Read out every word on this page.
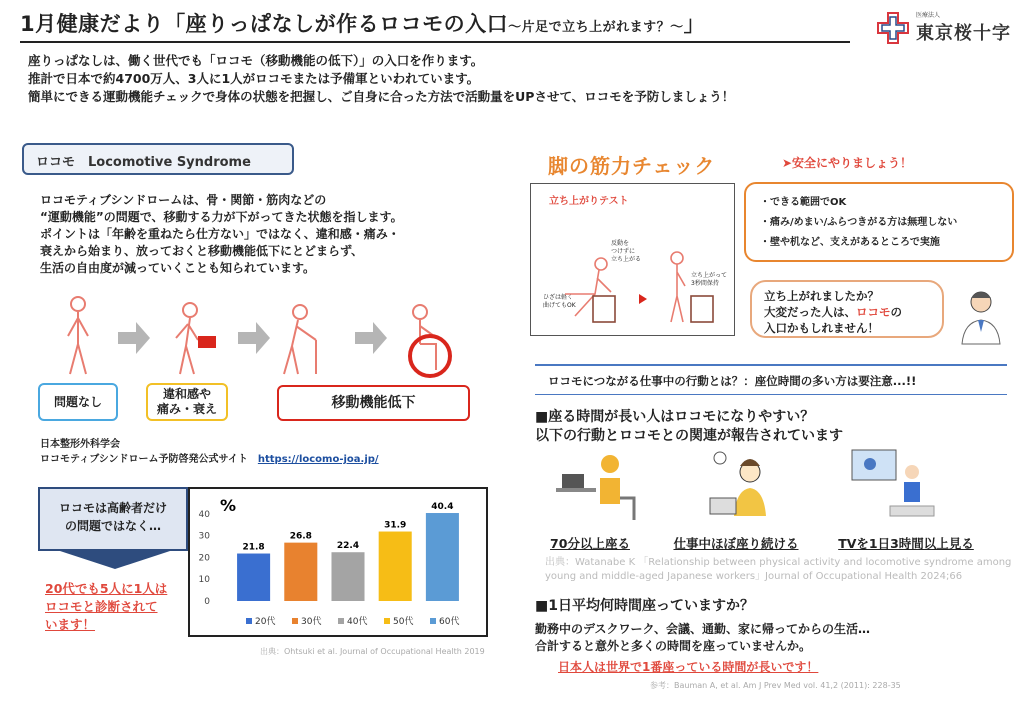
1月健康だより「座りっぱなしが作るロコモの入口～片足で立ち上がれます？～」	医療法人
東京桜十字
座りっぱなしは、働く世代でも「ロコモ（移動機能の低下）」の入口を作ります。
推計で日本で約4700万人、3人に1人がロコモまたは予備軍といわれています。
簡単にできる運動機能チェックで身体の状態を把握し、ご自身に合った方法で活動量をUPさせて、ロコモを予防しましょう！
ロコモ　Locomotive Syndrome
ロコモティブシンドロームは、骨・関節・筋肉などの
“運動機能”の問題で、移動する力が下がってきた状態を指します。
ポイントは「年齢を重ねたら仕方ない」ではなく、違和感・痛み・
衰えから始まり、放っておくと移動機能低下にとどまらず、
生活の自由度が減っていくことも知られています。
問題なし
違和感や
痛み・衰え	移動機能低下
日本整形外科学会
ロコモティブシンドローム予防啓発公式サイト　 https://locomo-joa.jp/
ロコモは高齢者だけ
の問題ではなく…
20代でも5人に1人は
ロコモと診断されて
います！
%
0
10
20
30
40
21.8
26.8
22.4
31.9
40.4
20代	30代	40代	50代	60代
出典：Ohtsuki et al. Journal of Occupational Health 2019
脚の筋力チェック	➤安全にやりましょう！
立ち上がりテスト
ひざは軽く
曲げてもOK
反動を
つけずに
立ち上がる
立ち上がって
3秒間保持
・できる範囲でOK
・痛み/めまい/ふらつきがる方は無理しない
・壁や机など、支えがあるところで実施
立ち上がれましたか？
大変だった人は、ロコモの
入口かもしれません！
ロコモにつながる仕事中の行動とは？：座位時間の多い方は要注意...!!
■座る時間が長い人はロコモになりやすい？
以下の行動とロコモとの関連が報告されています
70分以上座る	仕事中ほぼ座り続ける	TVを1日3時間以上見る
出典：Watanabe K 「Relationship between physical activity and locomotive syndrome among
young and middle-aged Japanese workers」Journal of Occupational Health 2024;66
■1日平均何時間座っていますか？
勤務中のデスクワーク、会議、通勤、家に帰ってからの生活…
合計すると意外と多くの時間を座っていませんか。
日本人は世界で1番座っている時間が長いです！
参考：Bauman A, et al. Am J Prev Med vol. 41,2 (2011): 228-35
